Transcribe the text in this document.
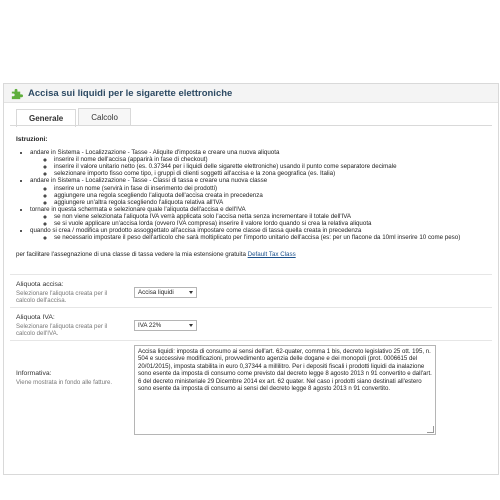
Accisa sui liquidi per le sigarette elettroniche
Generale	Calcolo
Istruzioni:
• andare in Sistema - Localizzazione - Tasse - Aliquite d'imposta e creare una nuova aliquota
◦ inserire il nome dell'accisa (apparirà in fase di checkout)
◦ inserire il valore unitario netto (es. 0.37344 per i liquidi delle sigarette elettroniche) usando il punto come separatore decimale
◦ selezionare importo fisso come tipo, i gruppi di clienti soggetti all'accisa e la zona geografica (es. Italia)
• andare in Sistema - Localizzazione - Tasse - Classi di tassa e creare una nuova classe
◦ inserire un nome (servirà in fase di inserimento dei prodotti)
◦ aggiungere una regola scegliendo l'aliquota dell'accisa creata in precedenza
◦ aggiungere un'altra regola scegliendo l'aliquota relativa all'IVA
• tornare in questa schermata e selezionare quale l'aliquota dell'accisa e dell'IVA
◦ se non viene selezionata l'aliquota IVA verrà applicata solo l'accisa netta senza incrementare il totale dell'IVA
◦ se si vuole applicare un'accisa lorda (ovvero IVA compresa) inserire il valore lordo quando si crea la relativa aliquota
• quando si crea / modifica un prodotto assoggettato all'accisa impostare come classe di tassa quella creata in precedenza
◦ se necessario impostare il peso dell'articolo che sarà moltiplicato per l'importo unitario dell'accisa (es: per un flacone da 10ml inserire 10 come peso)
per facilitare l'assegnazione di una classe di tassa vedere la mia estensione gratuita Default Tax Class
Aliquota accisa:
Selezionare l'aliquota creata per il calcolo dell'accisa.
Accisa liquidi
Aliquota IVA:
Selezionare l'aliquota creata per il calcolo dell'IVA.
IVA 22%
Informativa:
Viene mostrata in fondo alle fatture.
Accisa liquidi: imposta di consumo ai sensi dell'art. 62-quater, comma 1 bis, decreto legislativo 25 ott. 195, n. 504 e successive modificazioni, provvedimento agenzia delle dogane e dei monopoli (prot. 0006615 del 20/01/2015), imposta stabilita in euro 0,37344 a millilitro. Per i depositi fiscali i prodotti liquidi da inalazione sono esente da imposta di consumo come previsto dal decreto legge 8 agosto 2013 n 91 convertito e dall'art. 6 del decreto ministeriale 29 Dicembre 2014 ex art. 62 quater. Nel caso i prodotti siano destinati all'estero sono esente da imposta di consumo ai sensi del decreto legge 8 agosto 2013 n 91 convertito.
